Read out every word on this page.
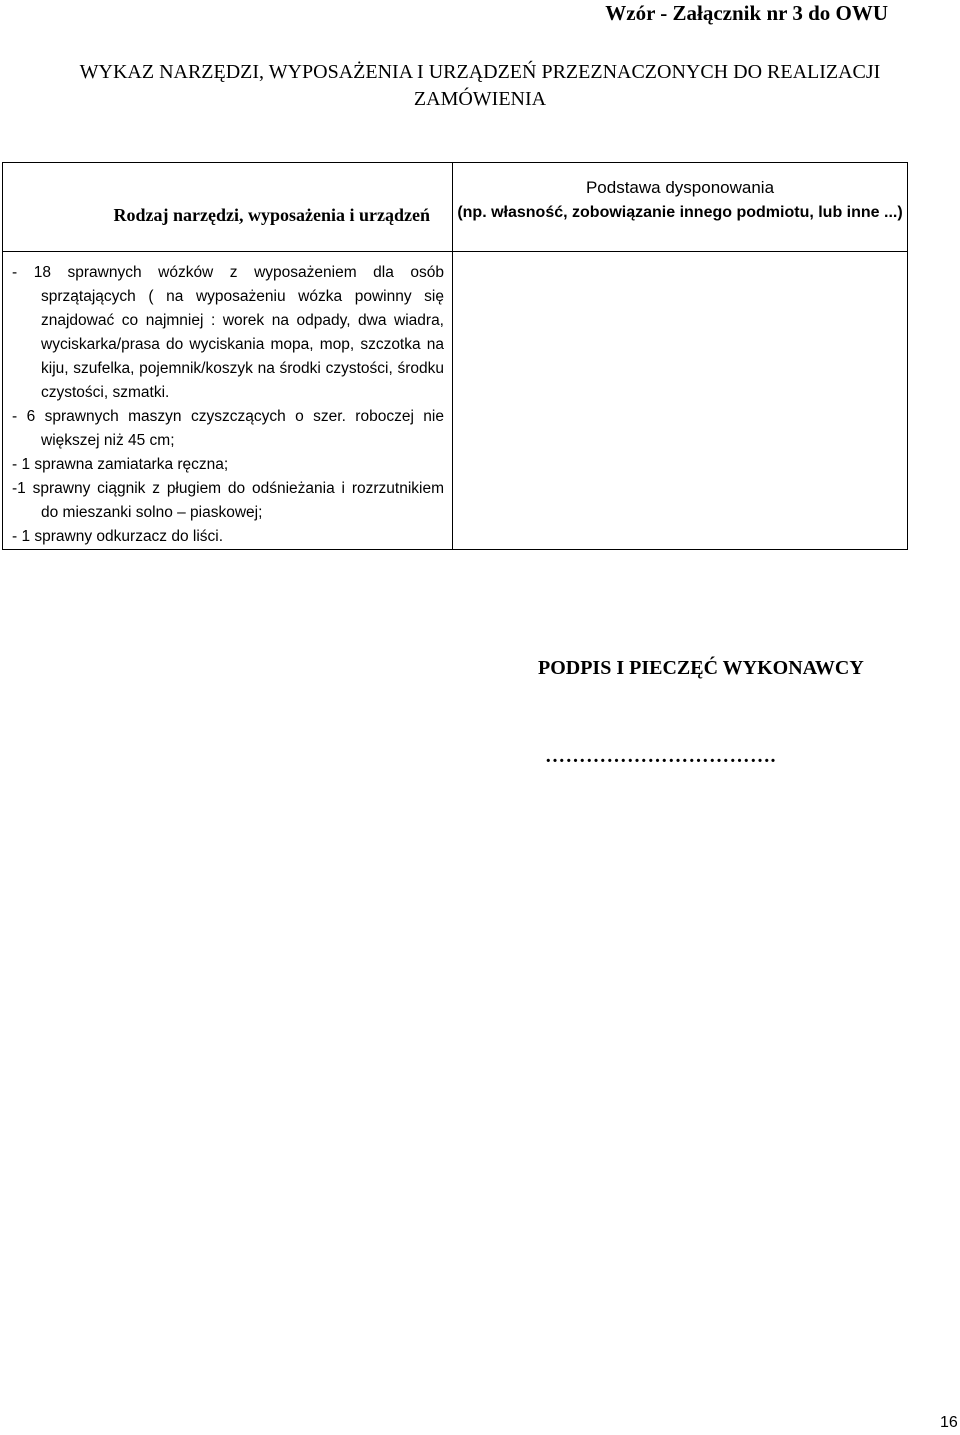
Wzór - Załącznik nr 3 do OWU
WYKAZ NARZĘDZI, WYPOSAŻENIA I URZĄDZEŃ PRZEZNACZONYCH DO REALIZACJI ZAMÓWIENIA
Rodzaj narzędzi, wyposażenia i urządzeń	Podstawa dysponowania
(np. własność, zobowiązanie innego podmiotu, lub inne ...)

- 18 sprawnych wózków z wyposażeniem dla osób sprzątających ( na wyposażeniu wózka powinny się znajdować co najmniej : worek na odpady, dwa wiadra, wyciskarka/prasa do wyciskania mopa, mop, szczotka na kiju, szufelka, pojemnik/koszyk na środki czystości, środku czystości, szmatki.

- 6 sprawnych maszyn czyszczących o szer. roboczej nie większej niż 45 cm;

- 1 sprawna zamiatarka ręczna;

-1 sprawny ciągnik z pługiem do odśnieżania i rozrzutnikiem do mieszanki solno – piaskowej;

- 1 sprawny odkurzacz do liści.	

PODPIS I PIECZĘĆ WYKONAWCY
…………………………….
16
